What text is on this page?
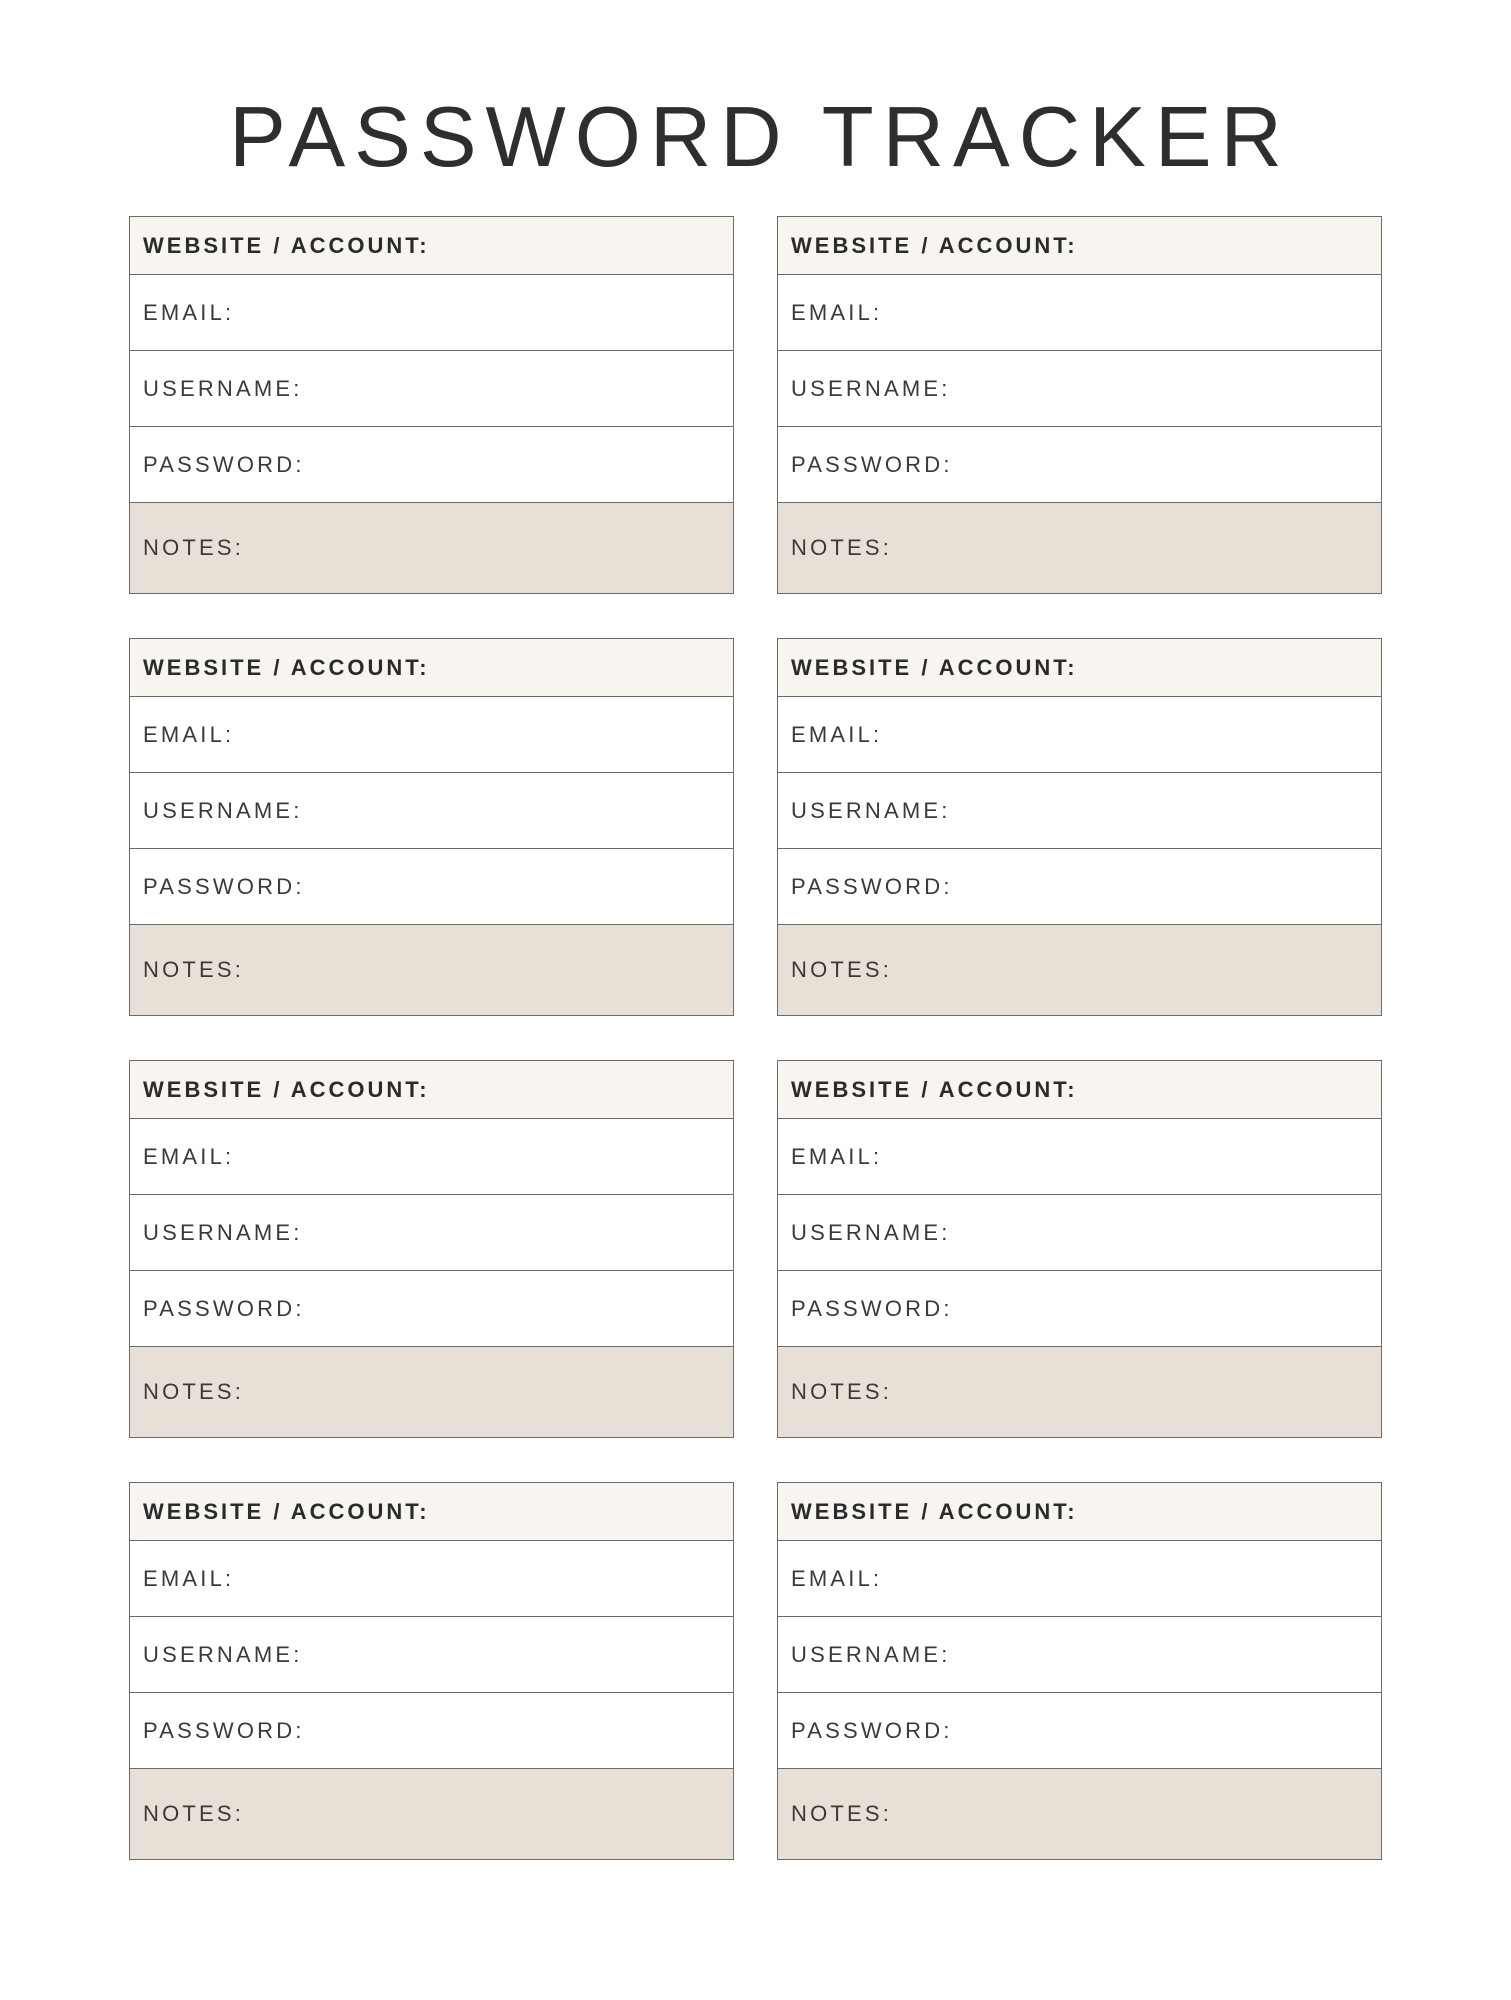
PASSWORD TRACKER
WEBSITE / ACCOUNT:
EMAIL:
USERNAME:
PASSWORD:
NOTES:
WEBSITE / ACCOUNT:
EMAIL:
USERNAME:
PASSWORD:
NOTES:
WEBSITE / ACCOUNT:
EMAIL:
USERNAME:
PASSWORD:
NOTES:
WEBSITE / ACCOUNT:
EMAIL:
USERNAME:
PASSWORD:
NOTES:
WEBSITE / ACCOUNT:
EMAIL:
USERNAME:
PASSWORD:
NOTES:
WEBSITE / ACCOUNT:
EMAIL:
USERNAME:
PASSWORD:
NOTES:
WEBSITE / ACCOUNT:
EMAIL:
USERNAME:
PASSWORD:
NOTES:
WEBSITE / ACCOUNT:
EMAIL:
USERNAME:
PASSWORD:
NOTES:
